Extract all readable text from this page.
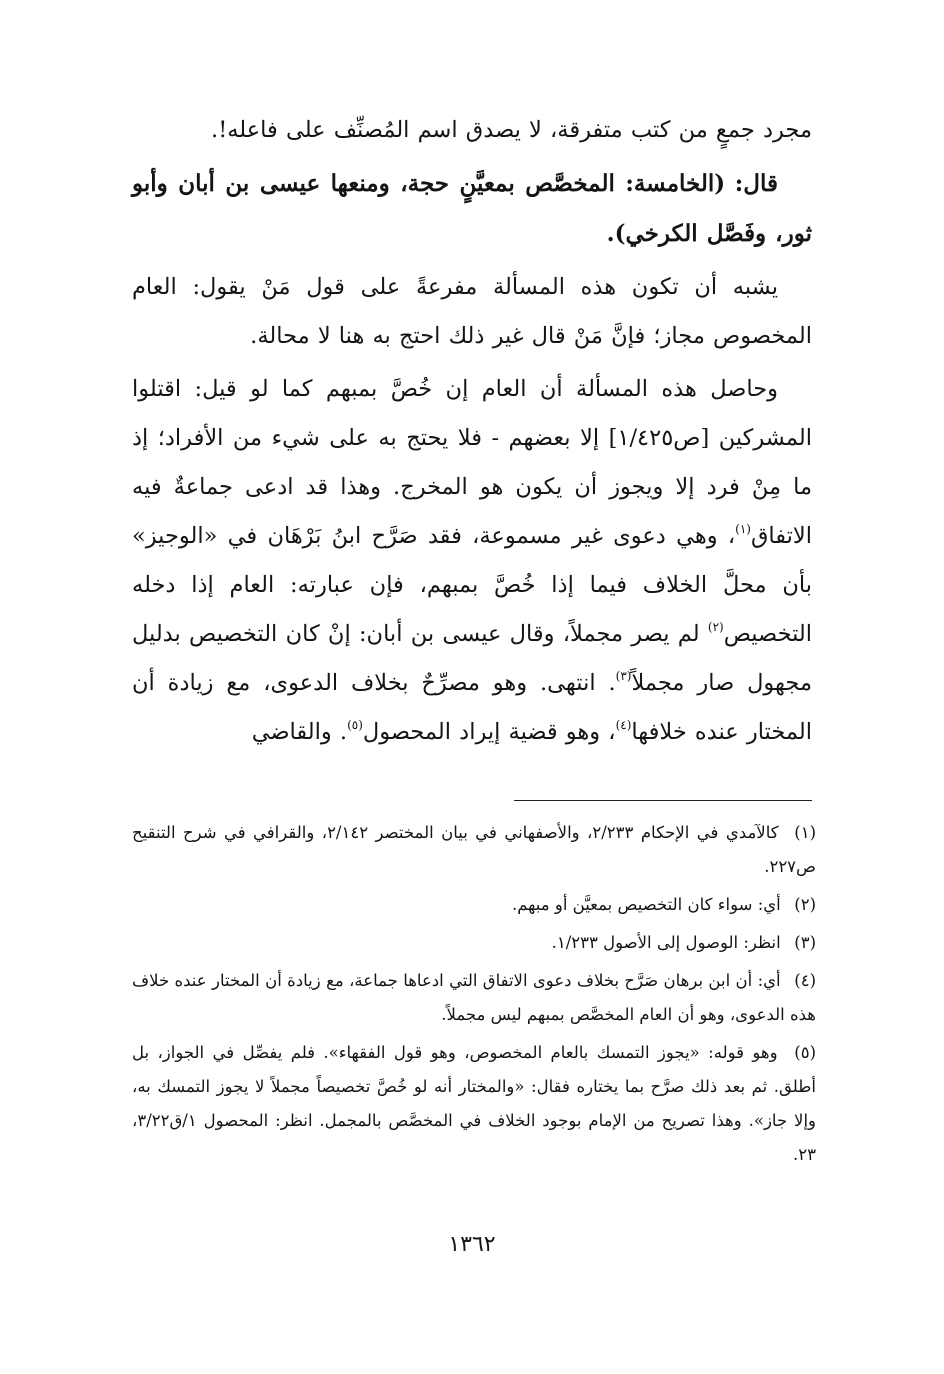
مجرد جمعٍ من كتب متفرقة، لا يصدق اسم المُصنِّف على فاعله!.

قال: (الخامسة: المخصَّص بمعيَّنٍ حجة، ومنعها عيسى بن أبان وأبو ثور، وفَصَّل الكرخي).

يشبه أن تكون هذه المسألة مفرعةً على قول مَنْ يقول: العام المخصوص مجاز؛ فإنَّ مَنْ قال غير ذلك احتج به هنا لا محالة.

وحاصل هذه المسألة أن العام إن خُصَّ بمبهم كما لو قيل: اقتلوا المشركين [ص١/٤٢٥] إلا بعضهم - فلا يحتج به على شيء من الأفراد؛ إذ ما مِنْ فرد إلا ويجوز أن يكون هو المخرج. وهذا قد ادعى جماعةٌ فيه الاتفاق$^{(١)}$، وهي دعوى غير مسموعة، فقد صَرَّح ابنُ بَرْهَان في «الوجيز» بأن محلَّ الخلاف فيما إذا خُصَّ بمبهم، فإن عبارته: العام إذا دخله التخصيص$^{(٢)}$ لم يصر مجملاً، وقال عيسى بن أبان: إنْ كان التخصيص بدليل مجهول صار مجملاً$^{(٣)}$. انتهى. وهو مصرِّحٌ بخلاف الدعوى، مع زيادة أن المختار عنده خلافها$^{(٤)}$، وهو قضية إيراد المحصول$^{(٥)}$. والقاضي

(١) كالآمدي في الإحكام ٢/٢٣٣، والأصفهاني في بيان المختصر ٢/١٤٢، والقرافي في شرح التنقيح ص٢٢٧.

(٢) أي: سواء كان التخصيص بمعيَّن أو مبهم.

(٣) انظر: الوصول إلى الأصول ١/٢٣٣.

(٤) أي: أن ابن برهان صَرَّح بخلاف دعوى الاتفاق التي ادعاها جماعة، مع زيادة أن المختار عنده خلاف هذه الدعوى، وهو أن العام المخصَّص بمبهم ليس مجملاً.

(٥) وهو قوله: «يجوز التمسك بالعام المخصوص، وهو قول الفقهاء». فلم يفصِّل في الجواز، بل أطلق. ثم بعد ذلك صرَّح بما يختاره فقال: «والمختار أنه لو خُصَّ تخصيصاً مجملاً لا يجوز التمسك به، وإلا جاز». وهذا تصريح من الإمام بوجود الخلاف في المخصَّص بالمجمل. انظر: المحصول ١/ق٣/٢٢، ٢٣.

١٣٦٢
